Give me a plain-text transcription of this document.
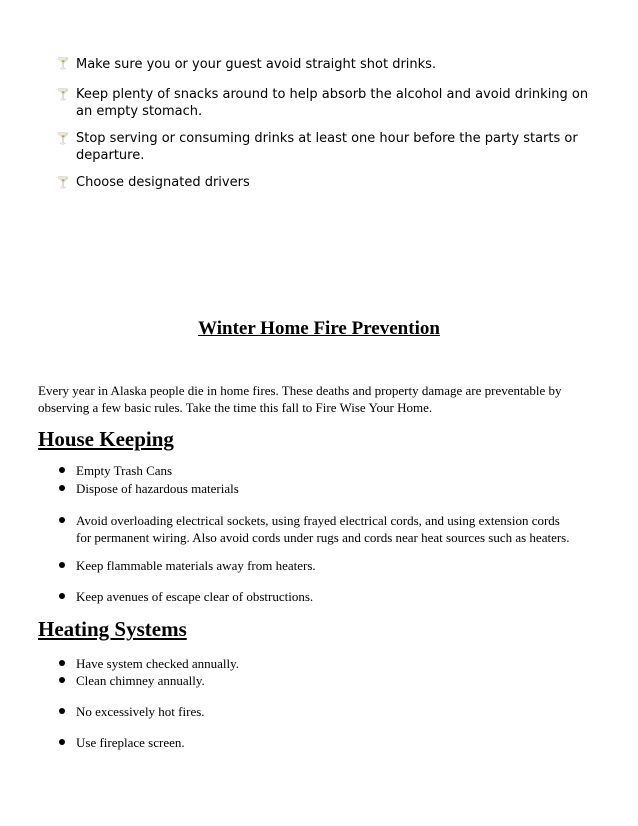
🍸 Make sure you or your guest avoid straight shot drinks.
🍸 Keep plenty of snacks around to help absorb the alcohol and avoid drinking on an empty stomach.
🍸 Stop serving or consuming drinks at least one hour before the party starts or departure.
🍸 Choose designated drivers
Winter Home Fire Prevention
Every year in Alaska people die in home fires. These deaths and property damage are preventable by observing a few basic rules. Take the time this fall to Fire Wise Your Home.
House Keeping
Empty Trash Cans
Dispose of hazardous materials
Avoid overloading electrical sockets, using frayed electrical cords, and using extension cords for permanent wiring. Also avoid cords under rugs and cords near heat sources such as heaters.
Keep flammable materials away from heaters.
Keep avenues of escape clear of obstructions.
Heating Systems
Have system checked annually.
Clean chimney annually.
No excessively hot fires.
Use fireplace screen.
